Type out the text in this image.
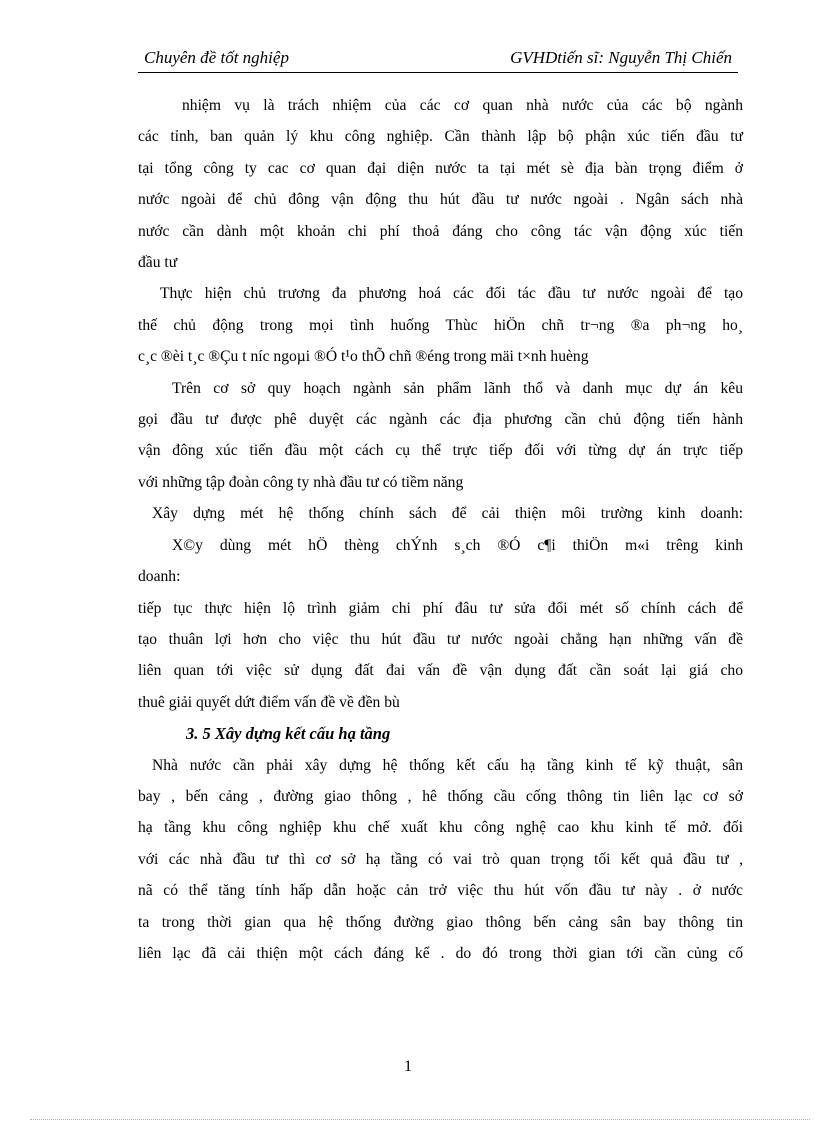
Chuyên đề tốt nghiệp	GVHDtiến sĩ: Nguyễn Thị Chiến

nhiệm vụ là trách nhiệm của các cơ quan nhà nước của các bộ ngành

các tỉnh, ban quản lý khu công nghiệp. Cần thành lập bộ phận xúc tiến đầu tư

tại tổng công ty cac cơ quan đại diện nước ta tại mét sè địa bàn trọng điểm ở

nước ngoài để chủ đông vận động thu hút đầu tư nước ngoài . Ngân sách nhà

nước cần dành một khoản chi phí thoả đáng cho công tác vận động xúc tiến

đầu tư

Thực hiện chủ trương đa phương hoá các đối tác đầu tư nước ngoài để tạo

thế chủ động trong mọi tình huống Thùc hiÖn chñ tr¬ng ®a ph¬ng ho¸

c¸c ®èi t¸c ®Çu t níc ngoµi ®Ó t¹o thÕ chñ ®éng trong mäi t×nh huèng

Trên cơ sở quy hoạch ngành sản phẩm lãnh thổ và danh mục dự án kêu

gọi đầu tư được phê duyệt các ngành các địa phương cần chủ động tiến hành

vận đông xúc tiến đầu một cách cụ thể trực tiếp đối với từng dự án trực tiếp

với những tập đoàn công ty nhà đầu tư có tiềm năng

Xây dựng mét hệ thống chính sách để cải thiện môi trường kinh doanh:

X©y dùng mét hÖ thèng chÝnh s¸ch ®Ó c¶i thiÖn m«i trêng kinh

doanh:

tiếp tục thực hiện lộ trình giảm chi phí đâu tư sửa đổi mét số chính cách để

tạo thuân lợi hơn cho việc thu hút đầu tư nước ngoài chẳng hạn những vấn đề

liên quan tới việc sử dụng đất đai vấn đề vận dụng đất cần soát lại giá cho

thuê giải quyết dứt điểm vấn đề về đền bù

3. 5 Xây dựng kết cấu hạ tầng

Nhà nước cần phải xây dựng hệ thống kết cấu hạ tầng kinh tế kỹ thuật, sân

bay , bến cảng , đường giao thông , hê thống cầu cống thông tin liên lạc cơ sở

hạ tầng khu công nghiệp khu chế xuất khu công nghệ cao khu kinh tế mở. đối

với các nhà đầu tư thì cơ sở hạ tầng có vai trò quan trọng tối kết quả đầu tư ,

nã có thể tăng tính hấp dẫn hoặc cản trở việc thu hút vốn đầu tư này . ở nước

ta trong thời gian qua hệ thống đường giao thông bến cảng sân bay thông tin

liên lạc đã cải thiện một cách đáng kể . do đó trong thời gian tới cần củng cố

1
